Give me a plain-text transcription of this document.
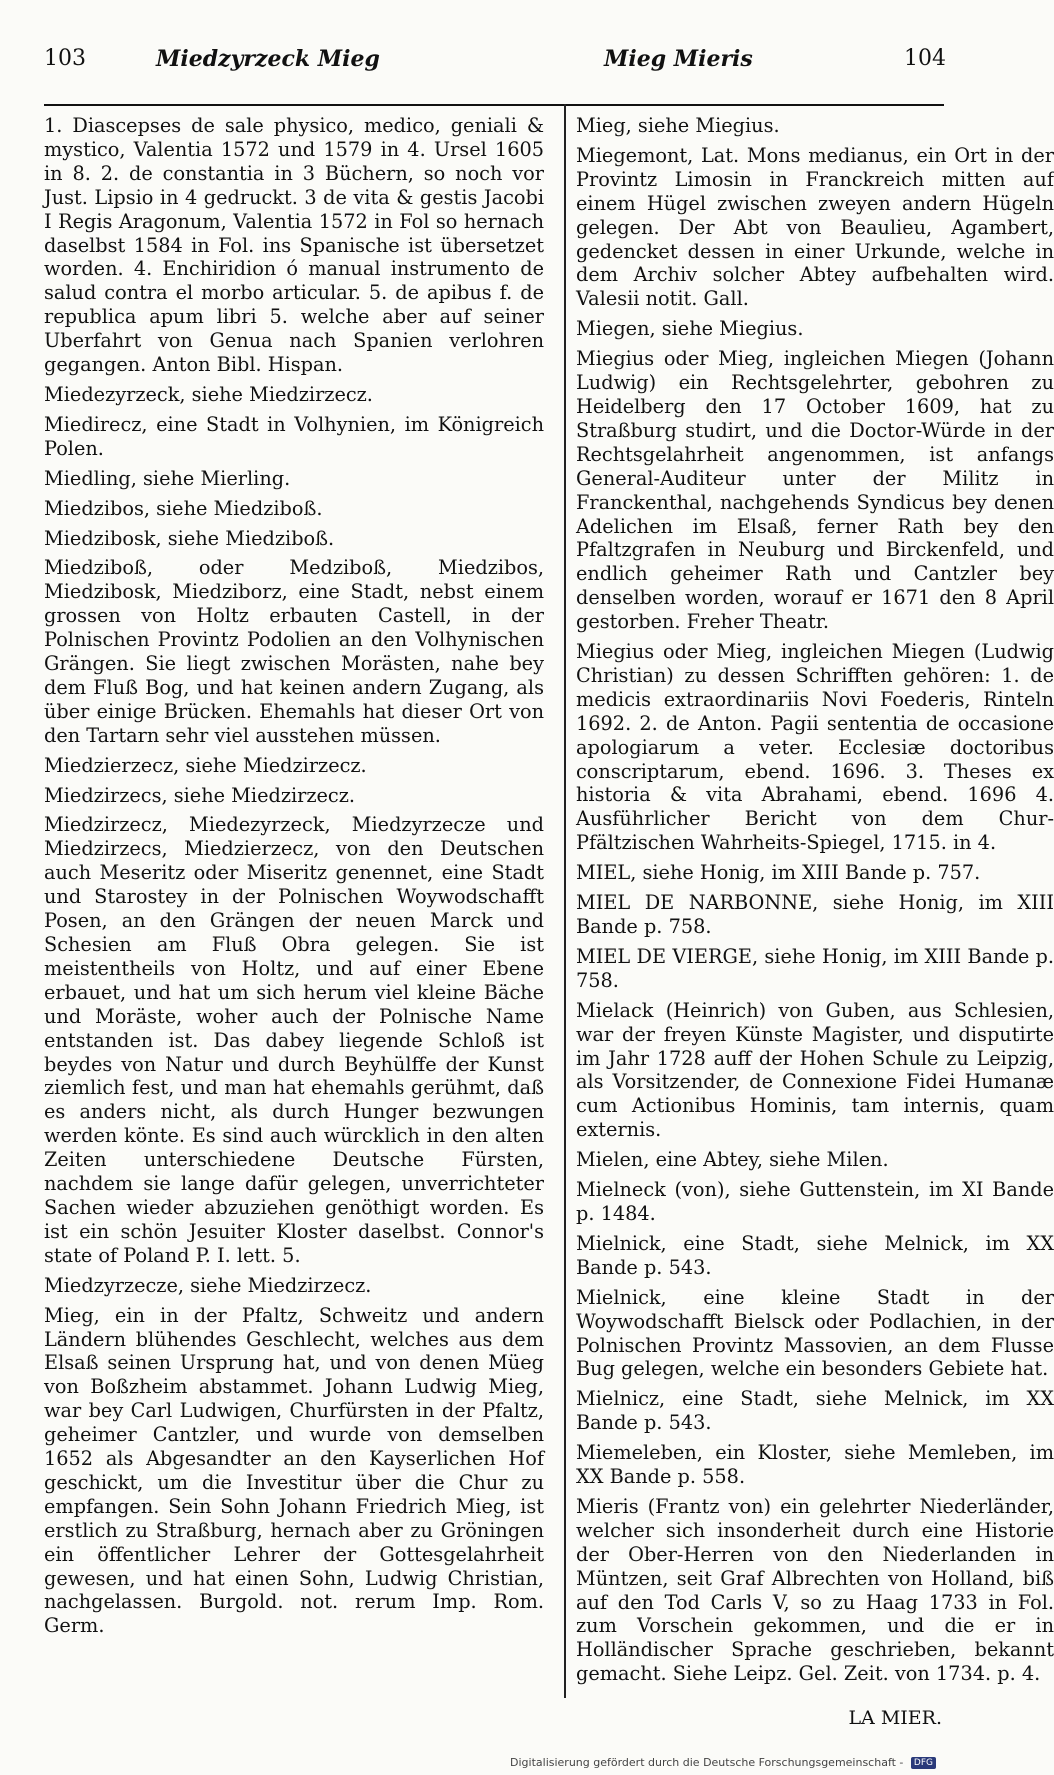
103	Miedzyrzeck Mieg	Mieg Mieris	104

1. Diascepses de sale physico, medico, geniali & mystico, Valentia 1572 und 1579 in 4. Ursel 1605 in 8. 2. de constantia in 3 Büchern, so noch vor Just. Lipsio in 4 gedruckt. 3 de vita & gestis Jacobi I Regis Aragonum, Valentia 1572 in Fol so hernach daselbst 1584 in Fol. ins Spanische ist übersetzet worden. 4. Enchiridion ó manual instrumento de salud contra el morbo articular. 5. de apibus f. de republica apum libri 5. welche aber auf seiner Uberfahrt von Genua nach Spanien verlohren gegangen. Anton Bibl. Hispan.

Miedezyrzeck, siehe Miedzirzecz.

Miedirecz, eine Stadt in Volhynien, im Königreich Polen.

Miedling, siehe Mierling.

Miedzibos, siehe Miedziboß.

Miedzibosk, siehe Miedziboß.

Miedziboß, oder Medziboß, Miedzibos, Miedzibosk, Miedziborz, eine Stadt, nebst einem grossen von Holtz erbauten Castell, in der Polnischen Provintz Podolien an den Volhynischen Grängen. Sie liegt zwischen Morästen, nahe bey dem Fluß Bog, und hat keinen andern Zugang, als über einige Brücken. Ehemahls hat dieser Ort von den Tartarn sehr viel ausstehen müssen.

Miedzierzecz, siehe Miedzirzecz.

Miedzirzecs, siehe Miedzirzecz.

Miedzirzecz, Miedezyrzeck, Miedzyrzecze und Miedzirzecs, Miedzierzecz, von den Deutschen auch Meseritz oder Miseritz genennet, eine Stadt und Starostey in der Polnischen Woywodschafft Posen, an den Grängen der neuen Marck und Schesien am Fluß Obra gelegen. Sie ist meistentheils von Holtz, und auf einer Ebene erbauet, und hat um sich herum viel kleine Bäche und Moräste, woher auch der Polnische Name entstanden ist. Das dabey liegende Schloß ist beydes von Natur und durch Beyhülffe der Kunst ziemlich fest, und man hat ehemahls gerühmt, daß es anders nicht, als durch Hunger bezwungen werden könte. Es sind auch würcklich in den alten Zeiten unterschiedene Deutsche Fürsten, nachdem sie lange dafür gelegen, unverrichteter Sachen wieder abzuziehen genöthigt worden. Es ist ein schön Jesuiter Kloster daselbst. Connor's state of Poland P. I. lett. 5.

Miedzyrzecze, siehe Miedzirzecz.

Mieg, ein in der Pfaltz, Schweitz und andern Ländern blühendes Geschlecht, welches aus dem Elsaß seinen Ursprung hat, und von denen Müeg von Boßzheim abstammet. Johann Ludwig Mieg, war bey Carl Ludwigen, Churfürsten in der Pfaltz, geheimer Cantzler, und wurde von demselben 1652 als Abgesandter an den Kayserlichen Hof geschickt, um die Investitur über die Chur zu empfangen. Sein Sohn Johann Friedrich Mieg, ist erstlich zu Straßburg, hernach aber zu Gröningen ein öffentlicher Lehrer der Gottesgelahrheit gewesen, und hat einen Sohn, Ludwig Christian, nachgelassen. Burgold. not. rerum Imp. Rom. Germ.

Mieg, siehe Miegius.

Miegemont, Lat. Mons medianus, ein Ort in der Provintz Limosin in Franckreich mitten auf einem Hügel zwischen zweyen andern Hügeln gelegen. Der Abt von Beaulieu, Agambert, gedencket dessen in einer Urkunde, welche in dem Archiv solcher Abtey aufbehalten wird. Valesii notit. Gall.

Miegen, siehe Miegius.

Miegius oder Mieg, ingleichen Miegen (Johann Ludwig) ein Rechtsgelehrter, gebohren zu Heidelberg den 17 October 1609, hat zu Straßburg studirt, und die Doctor-Würde in der Rechtsgelahrheit angenommen, ist anfangs General-Auditeur unter der Militz in Franckenthal, nachgehends Syndicus bey denen Adelichen im Elsaß, ferner Rath bey den Pfaltzgrafen in Neuburg und Birckenfeld, und endlich geheimer Rath und Cantzler bey denselben worden, worauf er 1671 den 8 April gestorben. Freher Theatr.

Miegius oder Mieg, ingleichen Miegen (Ludwig Christian) zu dessen Schrifften gehören: 1. de medicis extraordinariis Novi Foederis, Rinteln 1692. 2. de Anton. Pagii sententia de occasione apologiarum a veter. Ecclesiæ doctoribus conscriptarum, ebend. 1696. 3. Theses ex historia & vita Abrahami, ebend. 1696 4. Ausführlicher Bericht von dem Chur-Pfältzischen Wahrheits-Spiegel, 1715. in 4.

MIEL, siehe Honig, im XIII Bande p. 757.

MIEL DE NARBONNE, siehe Honig, im XIII Bande p. 758.

MIEL DE VIERGE, siehe Honig, im XIII Bande p. 758.

Mielack (Heinrich) von Guben, aus Schlesien, war der freyen Künste Magister, und disputirte im Jahr 1728 auff der Hohen Schule zu Leipzig, als Vorsitzender, de Connexione Fidei Humanæ cum Actionibus Hominis, tam internis, quam externis.

Mielen, eine Abtey, siehe Milen.

Mielneck (von), siehe Guttenstein, im XI Bande p. 1484.

Mielnick, eine Stadt, siehe Melnick, im XX Bande p. 543.

Mielnick, eine kleine Stadt in der Woywodschafft Bielsck oder Podlachien, in der Polnischen Provintz Massovien, an dem Flusse Bug gelegen, welche ein besonders Gebiete hat.

Mielnicz, eine Stadt, siehe Melnick, im XX Bande p. 543.

Miemeleben, ein Kloster, siehe Memleben, im XX Bande p. 558.

Mieris (Frantz von) ein gelehrter Niederländer, welcher sich insonderheit durch eine Historie der Ober-Herren von den Niederlanden in Müntzen, seit Graf Albrechten von Holland, biß auf den Tod Carls V, so zu Haag 1733 in Fol. zum Vorschein gekommen, und die er in Holländischer Sprache geschrieben, bekannt gemacht. Siehe Leipz. Gel. Zeit. von 1734. p. 4.

LA MIER.
Digitalisierung gefördert durch die Deutsche Forschungsgemeinschaft - DFG
